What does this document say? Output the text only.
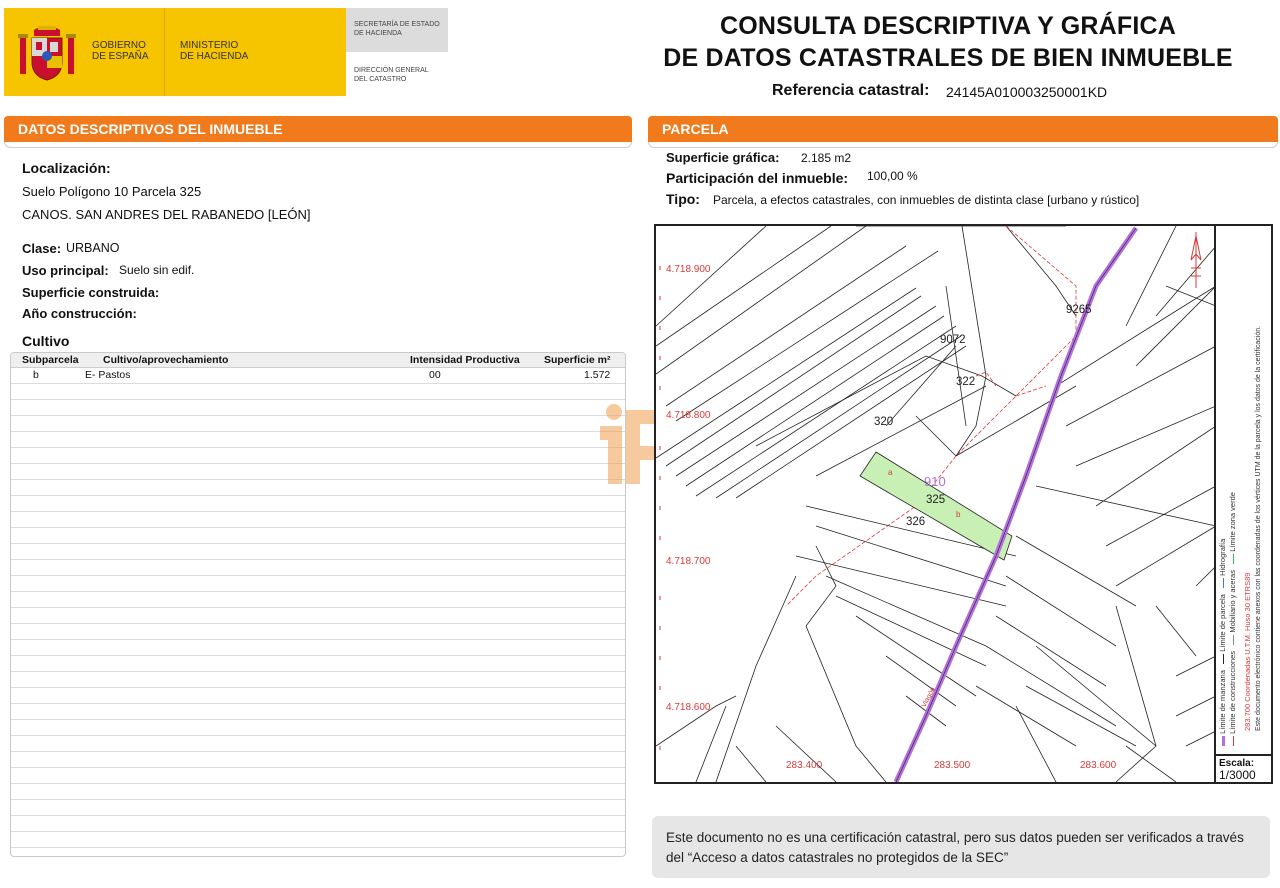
GOBIERNO
DE ESPAÑA
MINISTERIO
DE HACIENDA
SECRETARÍA DE ESTADO
DE HACIENDA
DIRECCIÓN GENERAL
DEL CATASTRO
CONSULTA DESCRIPTIVA Y GRÁFICA
DE DATOS CATASTRALES DE BIEN INMUEBLE
Referencia catastral: 24145A010003250001KD
DATOS DESCRIPTIVOS DEL INMUEBLE
Localización:
Suelo Polígono 10 Parcela 325
CANOS. SAN ANDRES DEL RABANEDO [LEÓN]
Clase: URBANO
Uso principal: Suelo sin edif.
Superficie construida:
Año construcción:
Cultivo
Subparcela Cultivo/aprovechamiento	Intensidad Productiva Superficie m²
b	E- Pastos	00	1.572
PARCELA
Superficie gráfica: 2.185 m2
Participación del inmueble: 100,00 %
Tipo: Parcela, a efectos catastrales, con inmuebles de distinta clase [urbano y rústico]
4.718.900
4.718.800
4.718.700
4.718.600
283.400	283.500	283.600
9072
9265
322
320
910
325
326
a
b
Viagón	Límite de manzana    Límite de parcela    Hidrografía
Límite de construcciones    Mobiliario y aceras    Límite zona verde
283.700 Coordenadas U.T.M. Huso 30 ETRS89 Este documento electrónico contiene anexos con las coordenadas de los vértices UTM de la parcela y los datos de la certificación.
Escala:
1/3000
Este documento no es una certificación catastral, pero sus datos pueden ser verificados a través del “Acceso a datos catastrales no protegidos de la SEC”
